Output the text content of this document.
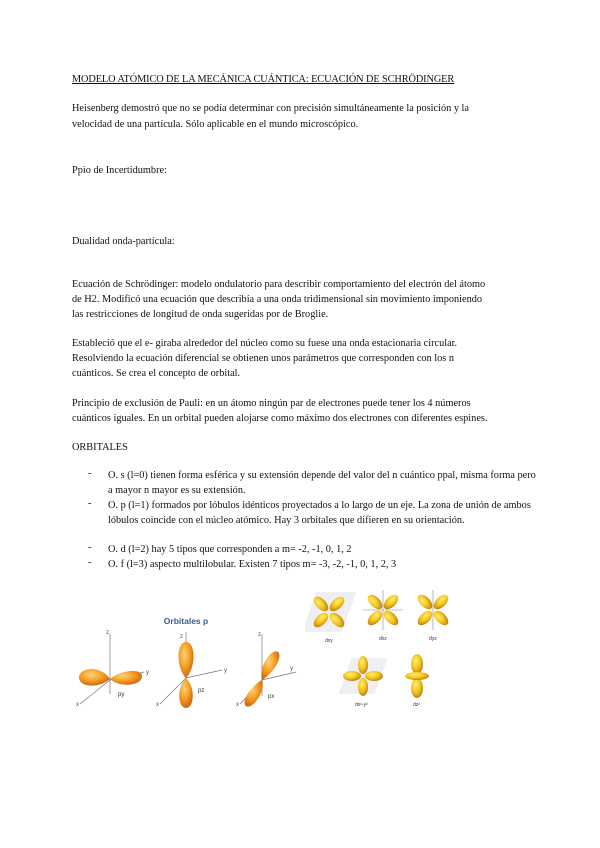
MODELO ATÓMICO DE LA MECÁNICA CUÁNTICA: ECUACIÓN DE SCHRÖDINGER
Heisenberg demostró que no se podía determinar con precisión simultáneamente la posición y la
velocidad de una partícula. Sólo aplicable en el mundo microscópico.
Ppio de Incertidumbre:
Dualidad onda-partícula:
Ecuación de Schrödinger: modelo ondulatorio para describir comportamiento del electrón del átomo
de H2. Modificó una ecuación que describía a una onda tridimensional sin movimiento imponiendo
las restricciones de longitud de onda sugeridas por de Broglie.
Estableció que el e- giraba alrededor del núcleo como su fuese una onda estacionaria circular.
Resolviendo la ecuación diferencial se obtienen unos parámetros que corresponden con los n
cuánticos. Se crea el concepto de orbital.
Principio de exclusión de Pauli: en un átomo ningún par de electrones puede tener los 4 números
cuánticos iguales. En un orbital pueden alojarse como máximo dos electrones con diferentes espines.
ORBITALES
-	O. s (l=0) tienen forma esférica y su extensión depende del valor del n cuántico ppal, misma forma pero a mayor n mayor es su extensión.
-	O. p (l=1) formados por lóbulos idénticos proyectados a lo largo de un eje. La zona de unión de ambos lóbulos coincide con el núcleo atómico. Hay 3 orbitales que difieren en su orientación.
-	O. d (l=2) hay 5 tipos que corresponden a m= -2, -1, 0, 1, 2
-	O. f (l=3) aspecto multilobular. Existen 7 tipos m= -3, -2, -1, 0, 1, 2, 3
Orbitales p
z
y
x
py
z
y
x
pz
z
y
x
px
dxy	dxz	dyz
dx²-y²	dz²
